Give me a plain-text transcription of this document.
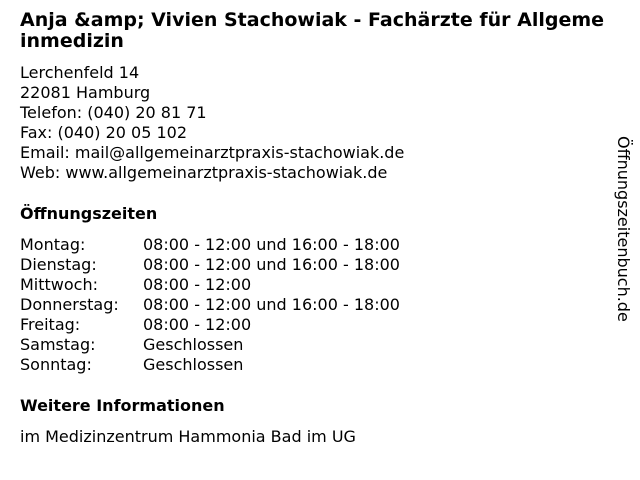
Anja &amp; Vivien Stachowiak - Fachärzte für Allgemeinmedizin
Lerchenfeld 14
22081 Hamburg
Telefon: (040) 20 81 71
Fax: (040) 20 05 102
Email: mail@allgemeinarztpraxis-stachowiak.de
Web: www.allgemeinarztpraxis-stachowiak.de
Öffnungszeiten
Montag:	08:00 - 12:00 und 16:00 - 18:00
Dienstag:	08:00 - 12:00 und 16:00 - 18:00
Mittwoch:	08:00 - 12:00
Donnerstag:	08:00 - 12:00 und 16:00 - 18:00
Freitag:	08:00 - 12:00
Samstag:	Geschlossen
Sonntag:	Geschlossen
Weitere Informationen
im Medizinzentrum Hammonia Bad im UG
Öffnungszeitenbuch.de
